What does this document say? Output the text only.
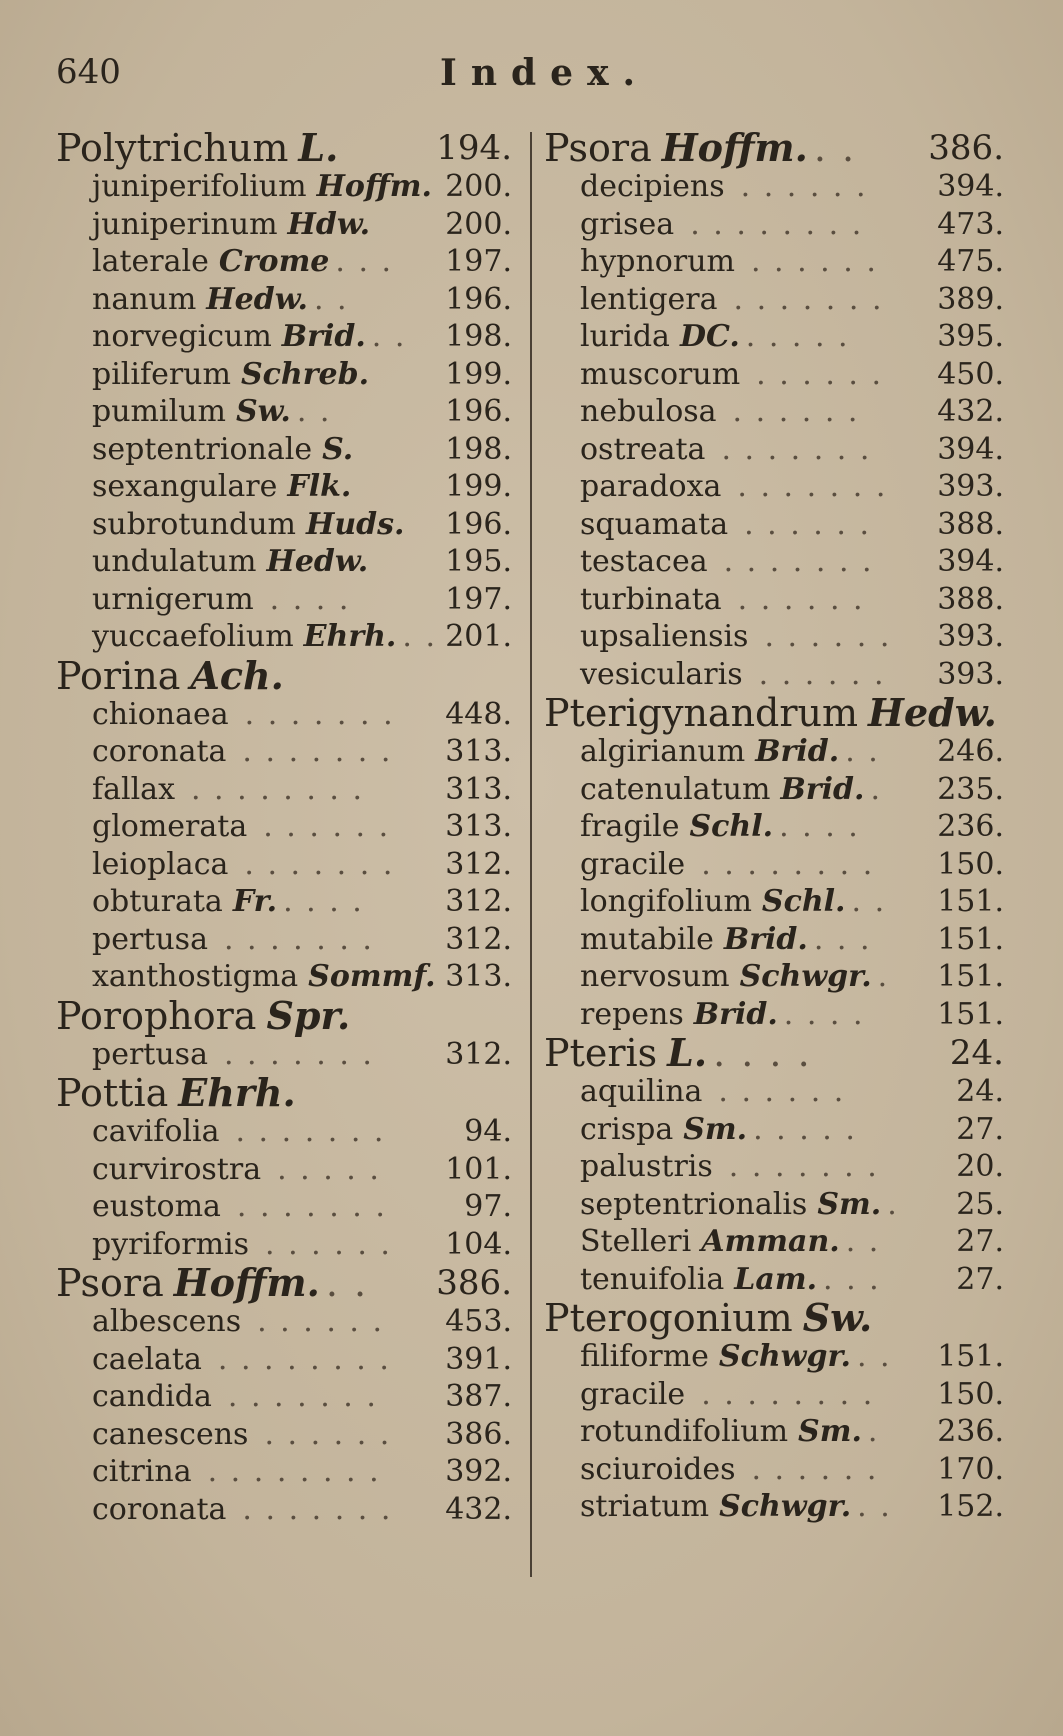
640	Index.
Polytrichum L.	194.
juniperifolium Hoffm. 200.
juniperinum Hdw.	200.
laterale Crome . . . 197.
nanum Hedw. . .	196.
norvegicum Brid. . . 198.
piliferum Schreb.	199.
pumilum Sw. . .	196.
septentrionale S.	198.
sexangulare Flk.	199.
subrotundum Huds. 196.
undulatum Hedw.	195.
urnigerum . . . .	197.
yuccaefolium Ehrh. . . 201.
Porina Ach.
chionaea . . . . . . . 448.
coronata . . . . . . . 313.
fallax . . . . . . . .	313.
glomerata . . . . . . 313.
leioplaca . . . . . . . 312.
obturata Fr. . . . .	312.
pertusa . . . . . . . 312.
xanthostigma Sommf. 313.
Porophora Spr.
pertusa . . . . . . . 312.
Pottia Ehrh.
cavifolia . . . . . . .	94.
curvirostra . . . . . 101.
eustoma . . . . . . .	97.
pyriformis . . . . . . 104.
Psora Hoffm. . . 386.
albescens . . . . . . 453.
caelata . . . . . . . . 391.
candida . . . . . . . 387.
canescens . . . . . . 386.
citrina . . . . . . . . 392.
coronata . . . . . . . 432.
Psora Hoffm. . . 386.
decipiens . . . . . . 394.
grisea . . . . . . . . 473.
hypnorum . . . . . . 475.
lentigera . . . . . . . 389.
lurida DC. . . . . .	395.
muscorum . . . . . . 450.
nebulosa . . . . . .	432.
ostreata . . . . . . . 394.
paradoxa . . . . . . . 393.
squamata . . . . . . 388.
testacea . . . . . . . 394.
turbinata . . . . . . 388.
upsaliensis . . . . . . 393.
vesicularis . . . . . . 393.
Pterigynandrum Hedw.
algirianum Brid. . . 246.
catenulatum Brid. . 235.
fragile Schl. . . . .	236.
gracile . . . . . . . . 150.
longifolium Schl. . . 151.
mutabile Brid. . . . 151.
nervosum Schwgr. . 151.
repens Brid. . . . . 151.
Pteris L. . . . .	24.
aquilina . . . . . .	24.
crispa Sm. . . . . .	27.
palustris . . . . . . .	20.
septentrionalis Sm. . 25.
Stelleri Amman. . .	27.
tenuifolia Lam. . . .	27.
Pterogonium Sw.
filiforme Schwgr. . . 151.
gracile . . . . . . . . 150.
rotundifolium Sm. . 236.
sciuroides . . . . . . 170.
striatum Schwgr. . . 152.
